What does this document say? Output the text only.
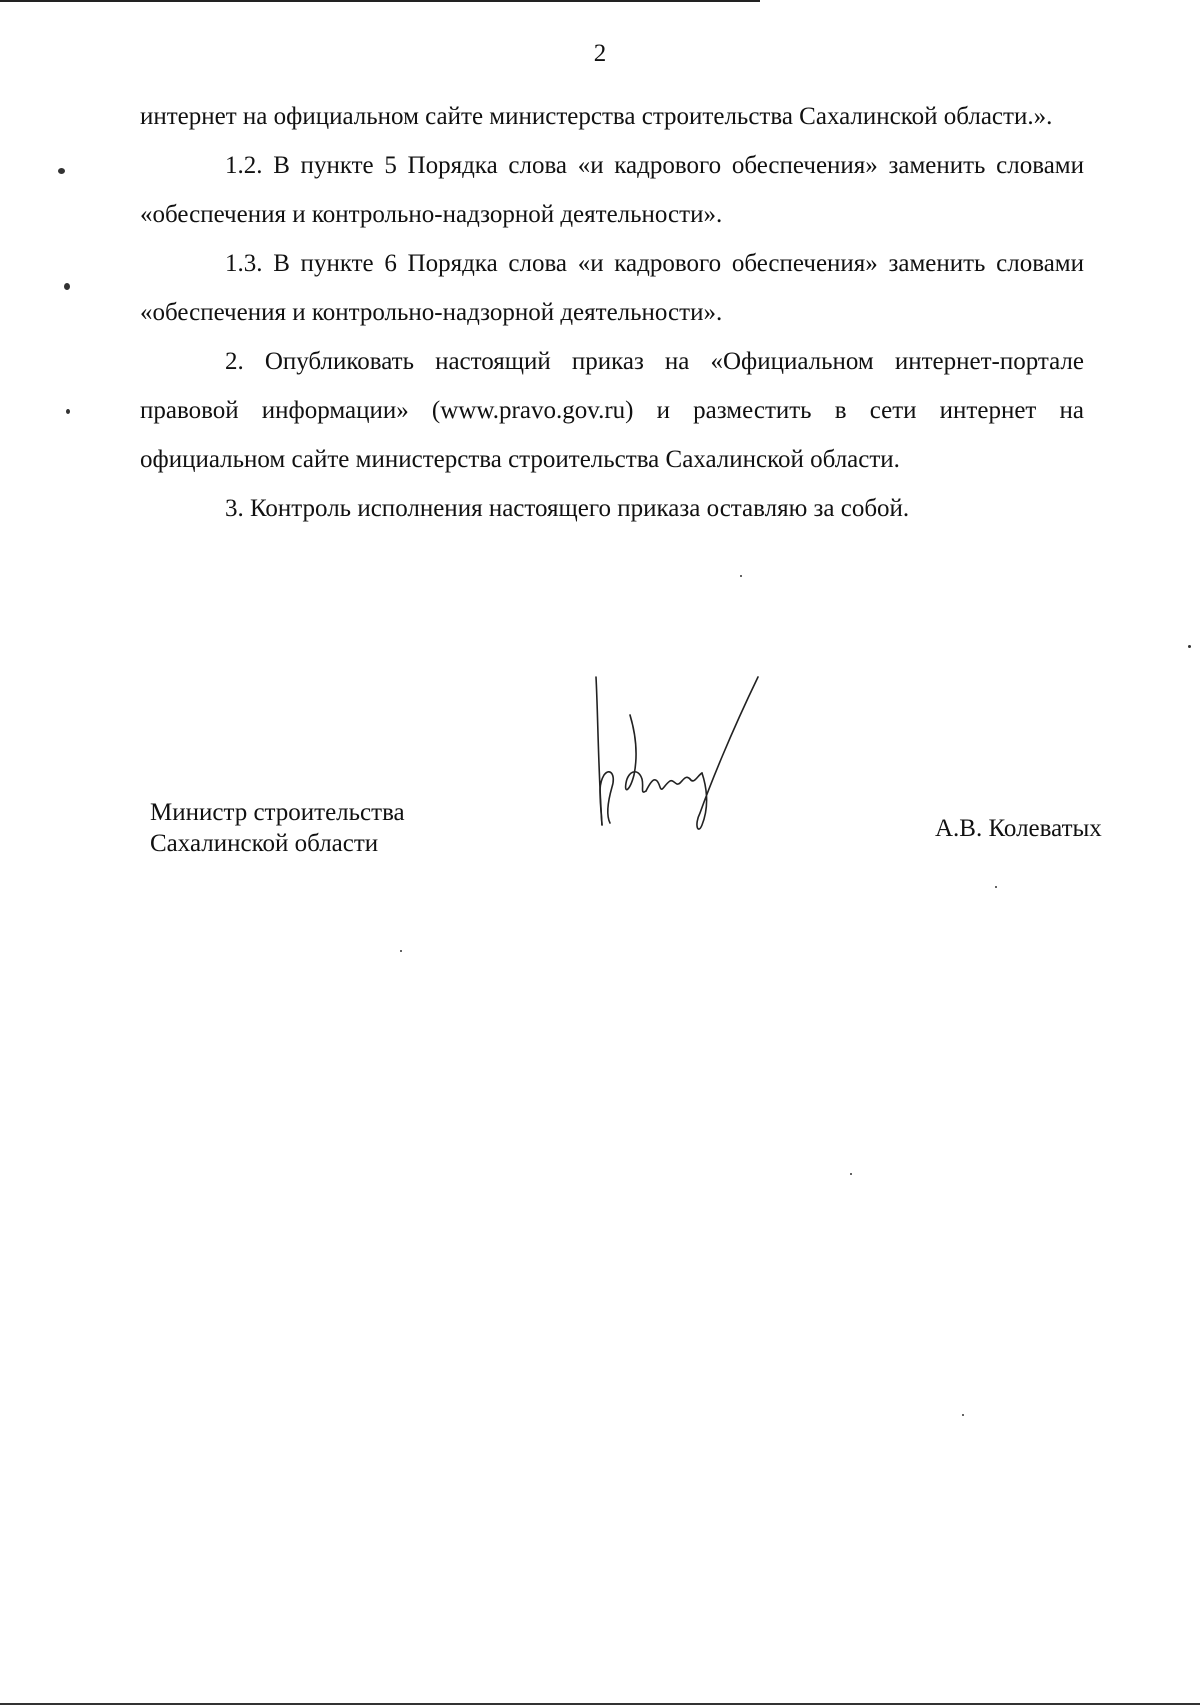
2

интернет на официальном сайте министерства строительства Сахалинской области.».

1.2. В пункте 5 Порядка слова «и кадрового обеспечения» заменить словами «обеспечения и контрольно-надзорной деятельности».

1.3. В пункте 6 Порядка слова «и кадрового обеспечения» заменить словами «обеспечения и контрольно-надзорной деятельности».

2. Опубликовать настоящий приказ на «Официальном интернет-портале правовой информации» (www.pravo.gov.ru) и разместить в сети интернет на официальном сайте министерства строительства Сахалинской области.

3. Контроль исполнения настоящего приказа оставляю за собой.

Министр строительства
Сахалинской области
А.В. Колеватых
